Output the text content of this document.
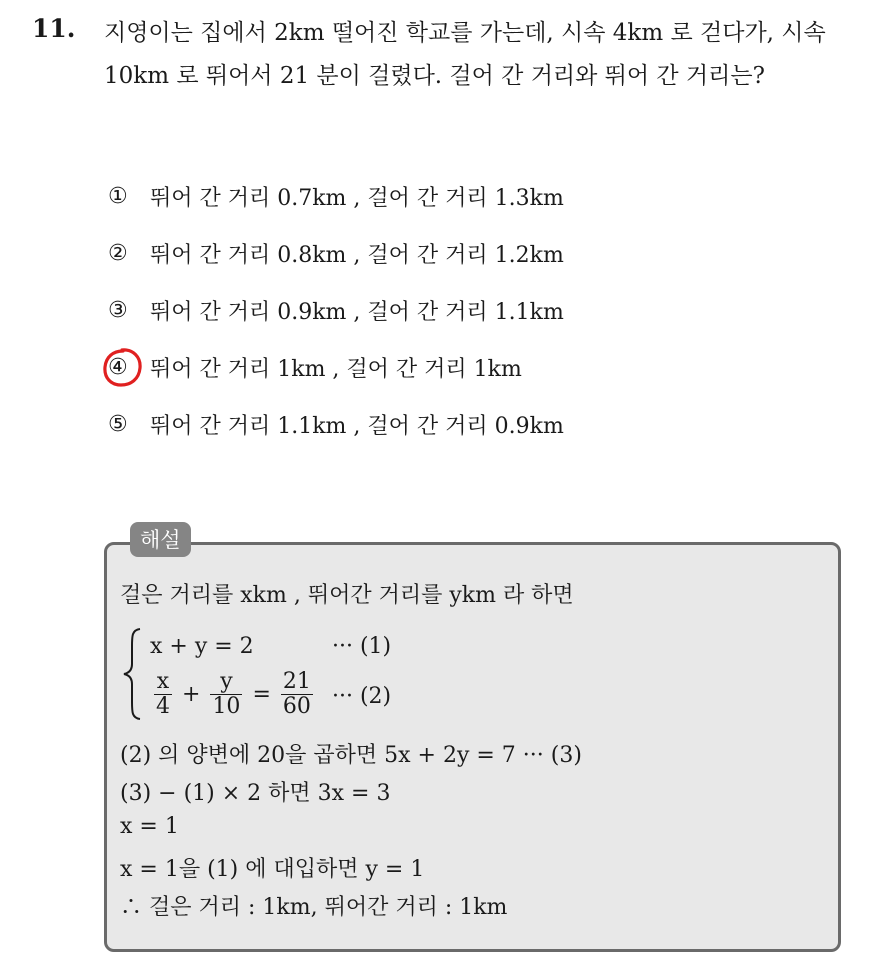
11. 지영이는 집에서 2km 떨어진 학교를 가는데, 시속 4km 로 걷다가, 시속 10km 로 뛰어서 21 분이 걸렸다. 걸어 간 거리와 뛰어 간 거리는?
①	뛰어 간 거리 0.7km , 걸어 간 거리 1.3km
②	뛰어 간 거리 0.8km , 걸어 간 거리 1.2km
③	뛰어 간 거리 0.9km , 걸어 간 거리 1.1km
④	뛰어 간 거리 1km , 걸어 간 거리 1km
⑤	뛰어 간 거리 1.1km , 걸어 간 거리 0.9km
해설
걸은 거리를 xkm , 뛰어간 거리를 ykm 라 하면
x + y = 2	··· (1)
$\frac{x}{4} + \frac{y}{10} = \frac{21}{60}$ ··· (2)
(2) 의 양변에 20을 곱하면 5x + 2y = 7 ··· (3)
(3) − (1) × 2 하면 3x = 3
x = 1
x = 1을 (1) 에 대입하면 y = 1
∴ 걸은 거리 : 1km, 뛰어간 거리 : 1km
